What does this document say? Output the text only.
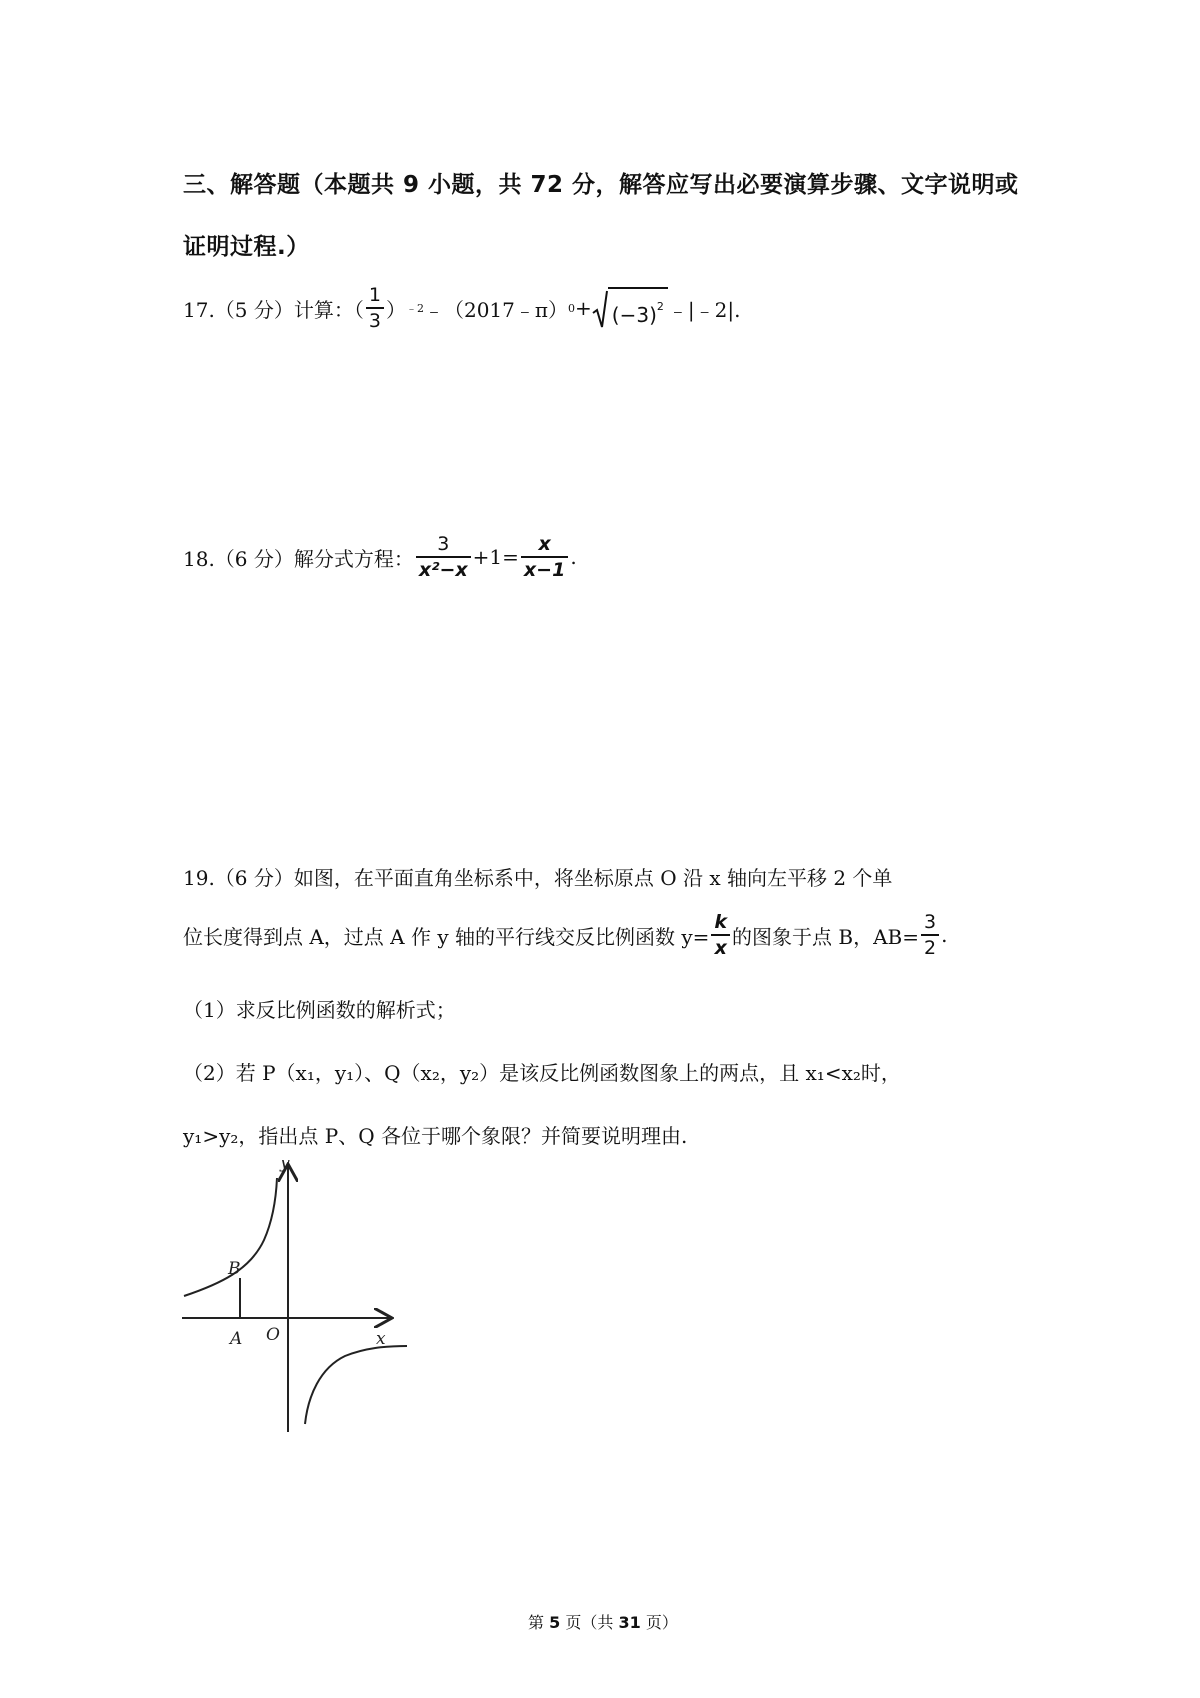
三、解答题（本题共 9 小题，共 72 分，解答应写出必要演算步骤、文字说明或
证明过程.）
17.（5 分）计算：（ $\frac{1}{3}$ ） ﹣2 ﹣（2017﹣π） $0 + (-3)^2$ ﹣|﹣2|.
18.（6 分）解分式方程： $\frac{3}{\text{x²−x}} +1= \frac{x}{x-1}$ .
19.（6 分）如图，在平面直角坐标系中，将坐标原点 O 沿 x 轴向左平移 2 个单
位长度得到点 A，过点 A 作 y 轴的平行线交反比例函数 $y= \frac{k}{x}$ 的图象于点 B，$AB= \frac{3}{2}$ .
（1）求反比例函数的解析式；
（2）若 P（x₁，y₁）、Q（x₂，y₂）是该反比例函数图象上的两点，且 x₁<x₂时，
y₁>y₂，指出点 P、Q 各位于哪个象限？并简要说明理由.
y
x
O
A
B
第 5 页（共 31 页）
